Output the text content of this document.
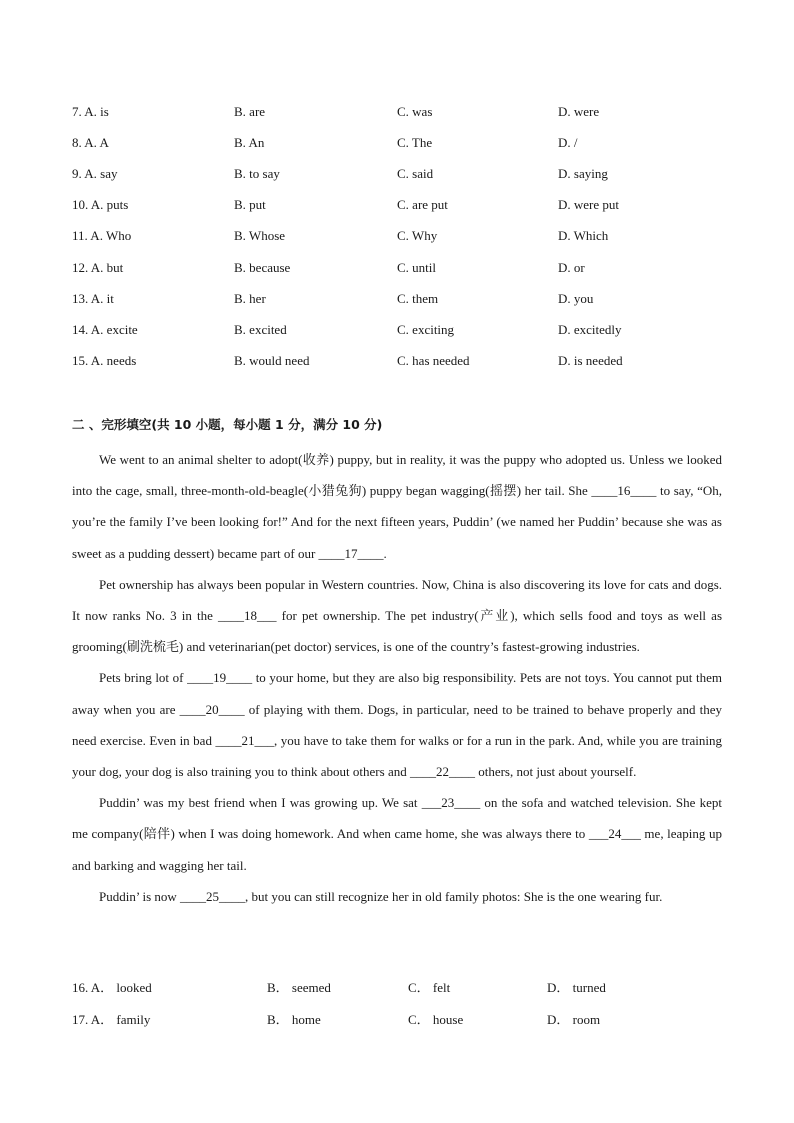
7. A. is	B. are	C. was	D. were
8. A. A	B. An	C. The	D. /
9. A. say	B. to say	C. said	D. saying
10. A. puts	B. put	C. are put	D. were put
11. A. Who	B. Whose	C. Why	D. Which
12. A. but	B. because	C. until	D. or
13. A. it	B. her	C. them	D. you
14. A. excite	B. excited	C. exciting	D. excitedly
15. A. needs	B. would need	C. has needed	D. is needed
二 、完形填空(共 10 小题，每小题 1 分，满分 10 分)

We went to an animal shelter to adopt(收养) puppy, but in reality, it was the puppy who adopted us. Unless we looked into the cage, small, three-month-old-beagle(小猎兔狗) puppy began wagging(摇摆) her tail. She ____16____ to say, “Oh, you’re the family I’ve been looking for!” And for the next fifteen years, Puddin’ (we named her Puddin’ because she was as sweet as a pudding dessert) became part of our ____17____.

Pet ownership has always been popular in Western countries. Now, China is also discovering its love for cats and dogs. It now ranks No. 3 in the ____18___ for pet ownership. The pet industry(产业), which sells food and toys as well as grooming(刷洗梳毛) and veterinarian(pet doctor) services, is one of the country’s fastest-growing industries.

Pets bring lot of ____19____ to your home, but they are also big responsibility. Pets are not toys. You cannot put them away when you are ____20____ of playing with them. Dogs, in particular, need to be trained to behave properly and they need exercise. Even in bad ____21___, you have to take them for walks or for a run in the park. And, while you are training your dog, your dog is also training you to think about others and ____22____ others, not just about yourself.

Puddin’ was my best friend when I was growing up. We sat ___23____ on the sofa and watched television. She kept me company(陪伴) when I was doing homework. And when came home, she was always there to ___24___ me, leaping up and barking and wagging her tail.

Puddin’ is now ____25____, but you can still recognize her in old family photos: She is the one wearing fur.

16. A． looked	B． seemed	C． felt	D． turned
17. A． family	B． home	C． house	D． room
